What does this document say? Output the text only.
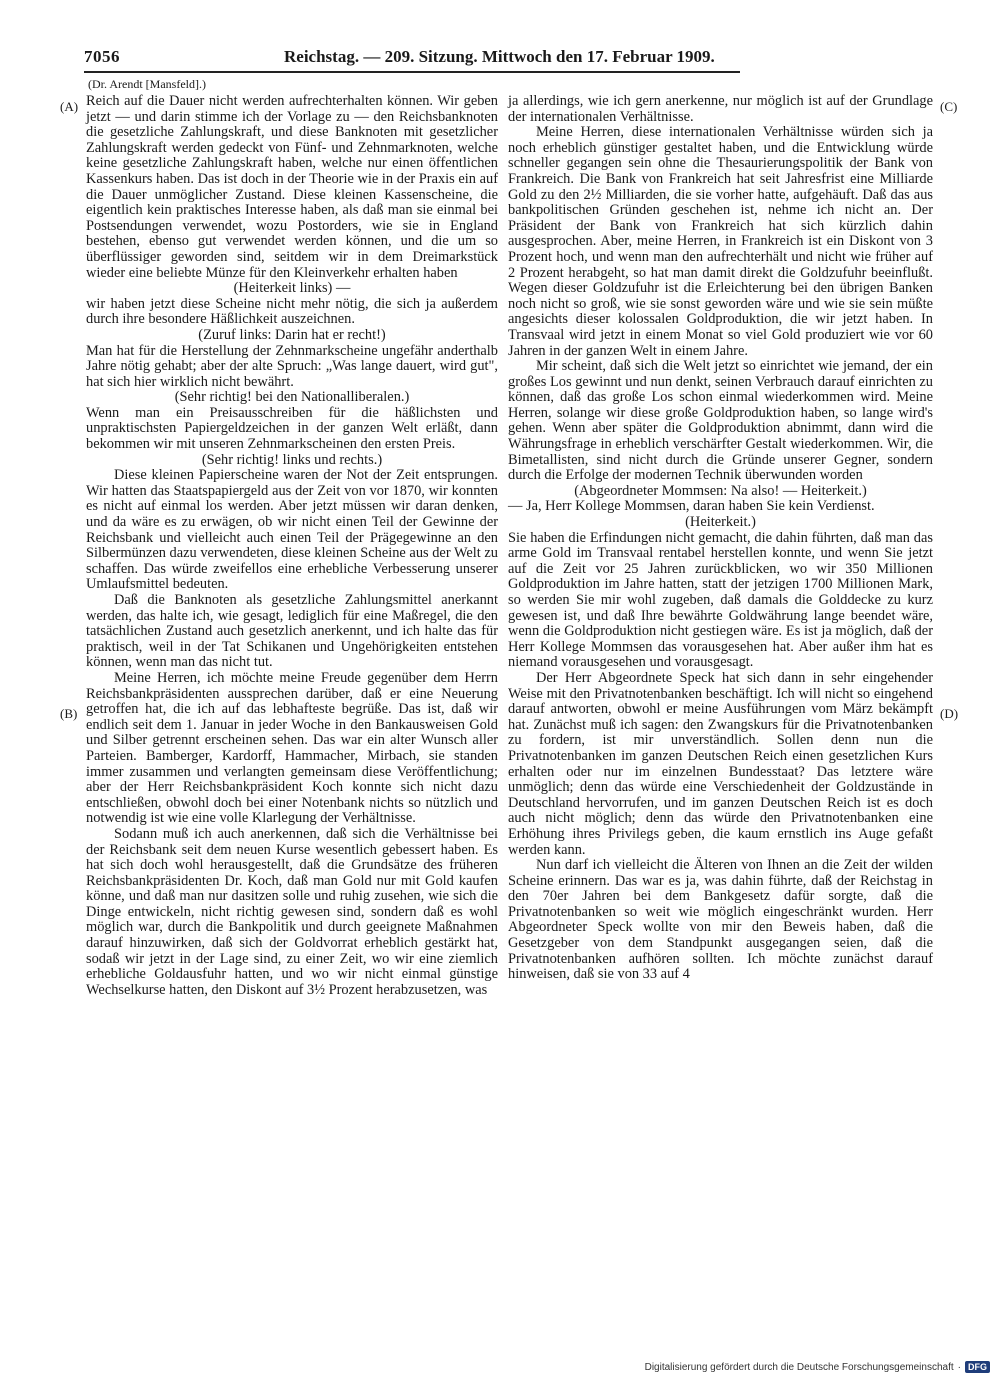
7056	Reichstag. — 209. Sitzung. Mittwoch den 17. Februar 1909.
(Dr. Arendt [Mansfeld].)
(A)
(B)
(C)
(D)

Reich auf die Dauer nicht werden aufrechterhalten können. Wir geben jetzt — und darin stimme ich der Vorlage zu — den Reichsbanknoten die gesetzliche Zahlungskraft, und diese Banknoten mit gesetzlicher Zahlungskraft werden gedeckt von Fünf- und Zehnmarknoten, welche keine gesetzliche Zahlungskraft haben, welche nur einen öffentlichen Kassenkurs haben. Das ist doch in der Theorie wie in der Praxis ein auf die Dauer unmöglicher Zustand. Diese kleinen Kassenscheine, die eigentlich kein praktisches Interesse haben, als daß man sie einmal bei Postsendungen verwendet, wozu Postorders, wie sie in England bestehen, ebenso gut verwendet werden können, und die um so überflüssiger geworden sind, seitdem wir in dem Dreimarkstück wieder eine beliebte Münze für den Kleinverkehr erhalten haben

(Heiterkeit links) —

wir haben jetzt diese Scheine nicht mehr nötig, die sich ja außerdem durch ihre besondere Häßlichkeit auszeichnen.

(Zuruf links: Darin hat er recht!)

Man hat für die Herstellung der Zehnmarkscheine ungefähr anderthalb Jahre nötig gehabt; aber der alte Spruch: „Was lange dauert, wird gut", hat sich hier wirklich nicht bewährt.

(Sehr richtig! bei den Nationalliberalen.)

Wenn man ein Preisausschreiben für die häßlichsten und unpraktischsten Papiergeldzeichen in der ganzen Welt erläßt, dann bekommen wir mit unseren Zehnmarkscheinen den ersten Preis.

(Sehr richtig! links und rechts.)

Diese kleinen Papierscheine waren der Not der Zeit entsprungen. Wir hatten das Staatspapiergeld aus der Zeit von vor 1870, wir konnten es nicht auf einmal los werden. Aber jetzt müssen wir daran denken, und da wäre es zu erwägen, ob wir nicht einen Teil der Gewinne der Reichsbank und vielleicht auch einen Teil der Prägegewinne an den Silbermünzen dazu verwendeten, diese kleinen Scheine aus der Welt zu schaffen. Das würde zweifellos eine erhebliche Verbesserung unserer Umlaufsmittel bedeuten.

Daß die Banknoten als gesetzliche Zahlungsmittel anerkannt werden, das halte ich, wie gesagt, lediglich für eine Maßregel, die den tatsächlichen Zustand auch gesetzlich anerkennt, und ich halte das für praktisch, weil in der Tat Schikanen und Ungehörigkeiten entstehen können, wenn man das nicht tut.

Meine Herren, ich möchte meine Freude gegenüber dem Herrn Reichsbankpräsidenten aussprechen darüber, daß er eine Neuerung getroffen hat, die ich auf das lebhafteste begrüße. Das ist, daß wir endlich seit dem 1. Januar in jeder Woche in den Bankausweisen Gold und Silber getrennt erscheinen sehen. Das war ein alter Wunsch aller Parteien. Bamberger, Kardorff, Hammacher, Mirbach, sie standen immer zusammen und verlangten gemeinsam diese Veröffentlichung; aber der Herr Reichsbankpräsident Koch konnte sich nicht dazu entschließen, obwohl doch bei einer Notenbank nichts so nützlich und notwendig ist wie eine volle Klarlegung der Verhältnisse.

Sodann muß ich auch anerkennen, daß sich die Verhältnisse bei der Reichsbank seit dem neuen Kurse wesentlich gebessert haben. Es hat sich doch wohl herausgestellt, daß die Grundsätze des früheren Reichsbankpräsidenten Dr. Koch, daß man Gold nur mit Gold kaufen könne, und daß man nur dasitzen solle und ruhig zusehen, wie sich die Dinge entwickeln, nicht richtig gewesen sind, sondern daß es wohl möglich war, durch die Bankpolitik und durch geeignete Maßnahmen darauf hinzuwirken, daß sich der Goldvorrat erheblich gestärkt hat, sodaß wir jetzt in der Lage sind, zu einer Zeit, wo wir eine ziemlich erhebliche Goldausfuhr hatten, und wo wir nicht einmal günstige Wechselkurse hatten, den Diskont auf 3½ Prozent herabzusetzen, was

ja allerdings, wie ich gern anerkenne, nur möglich ist auf der Grundlage der internationalen Verhältnisse.

Meine Herren, diese internationalen Verhältnisse würden sich ja noch erheblich günstiger gestaltet haben, und die Entwicklung würde schneller gegangen sein ohne die Thesaurierungspolitik der Bank von Frankreich. Die Bank von Frankreich hat seit Jahresfrist eine Milliarde Gold zu den 2½ Milliarden, die sie vorher hatte, aufgehäuft. Daß das aus bankpolitischen Gründen geschehen ist, nehme ich nicht an. Der Präsident der Bank von Frankreich hat sich kürzlich dahin ausgesprochen. Aber, meine Herren, in Frankreich ist ein Diskont von 3 Prozent hoch, und wenn man den aufrechterhält und nicht wie früher auf 2 Prozent herabgeht, so hat man damit direkt die Goldzufuhr beeinflußt. Wegen dieser Goldzufuhr ist die Erleichterung bei den übrigen Banken noch nicht so groß, wie sie sonst geworden wäre und wie sie sein müßte angesichts dieser kolossalen Goldproduktion, die wir jetzt haben. In Transvaal wird jetzt in einem Monat so viel Gold produziert wie vor 60 Jahren in der ganzen Welt in einem Jahre.

Mir scheint, daß sich die Welt jetzt so einrichtet wie jemand, der ein großes Los gewinnt und nun denkt, seinen Verbrauch darauf einrichten zu können, daß das große Los schon einmal wiederkommen wird. Meine Herren, solange wir diese große Goldproduktion haben, so lange wird's gehen. Wenn aber später die Goldproduktion abnimmt, dann wird die Währungsfrage in erheblich verschärfter Gestalt wiederkommen. Wir, die Bimetallisten, sind nicht durch die Gründe unserer Gegner, sondern durch die Erfolge der modernen Technik überwunden worden

(Abgeordneter Mommsen: Na also! — Heiterkeit.)

— Ja, Herr Kollege Mommsen, daran haben Sie kein Verdienst.

(Heiterkeit.)

Sie haben die Erfindungen nicht gemacht, die dahin führten, daß man das arme Gold im Transvaal rentabel herstellen konnte, und wenn Sie jetzt auf die Zeit vor 25 Jahren zurückblicken, wo wir 350 Millionen Goldproduktion im Jahre hatten, statt der jetzigen 1700 Millionen Mark, so werden Sie mir wohl zugeben, daß damals die Golddecke zu kurz gewesen ist, und daß Ihre bewährte Goldwährung lange beendet wäre, wenn die Goldproduktion nicht gestiegen wäre. Es ist ja möglich, daß der Herr Kollege Mommsen das vorausgesehen hat. Aber außer ihm hat es niemand vorausgesehen und vorausgesagt.

Der Herr Abgeordnete Speck hat sich dann in sehr eingehender Weise mit den Privatnotenbanken beschäftigt. Ich will nicht so eingehend darauf antworten, obwohl er meine Ausführungen vom März bekämpft hat. Zunächst muß ich sagen: den Zwangskurs für die Privatnotenbanken zu fordern, ist mir unverständlich. Sollen denn nun die Privatnotenbanken im ganzen Deutschen Reich einen gesetzlichen Kurs erhalten oder nur im einzelnen Bundesstaat? Das letztere wäre unmöglich; denn das würde eine Verschiedenheit der Goldzustände in Deutschland hervorrufen, und im ganzen Deutschen Reich ist es doch auch nicht möglich; denn das würde den Privatnotenbanken eine Erhöhung ihres Privilegs geben, die kaum ernstlich ins Auge gefaßt werden kann.

Nun darf ich vielleicht die Älteren von Ihnen an die Zeit der wilden Scheine erinnern. Das war es ja, was dahin führte, daß der Reichstag in den 70er Jahren bei dem Bankgesetz dafür sorgte, daß die Privatnotenbanken so weit wie möglich eingeschränkt wurden. Herr Abgeordneter Speck wollte von mir den Beweis haben, daß die Gesetzgeber von dem Standpunkt ausgegangen seien, daß die Privatnotenbanken aufhören sollten. Ich möchte zunächst darauf hinweisen, daß sie von 33 auf 4

Digitalisierung gefördert durch die Deutsche Forschungsgemeinschaft · DFG
